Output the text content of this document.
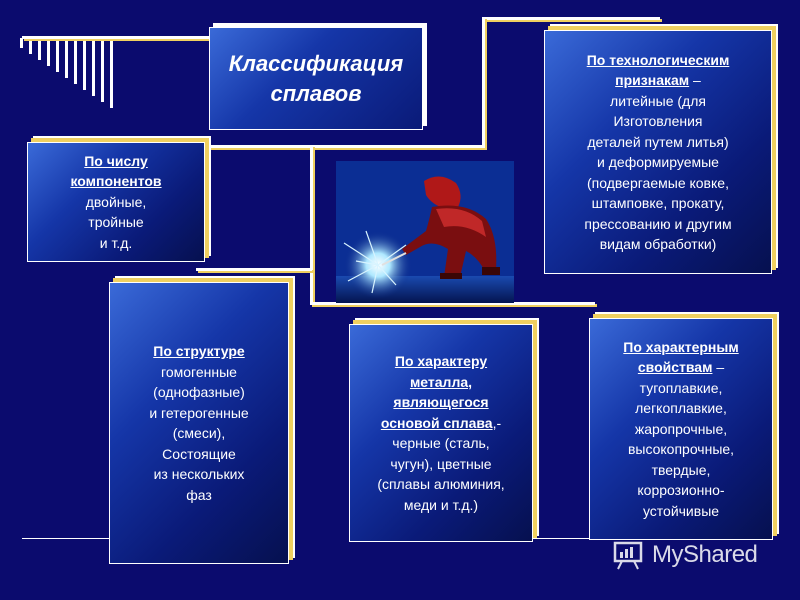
Классификация
сплавов
По числу
компонентов
двойные,
тройные
и т.д.
По технологическим
признакам –
литейные (для
Изготовления
деталей путем литья)
и деформируемые
(подвергаемые ковке,
штамповке, прокату,
прессованию и другим
видам обработки)
По структуре
гомогенные
(однофазные)
и гетерогенные
(смеси),
Состоящие
из нескольких
фаз
По характеру
металла,
являющегося
основой сплава,-
черные (сталь,
чугун), цветные
(сплавы алюминия,
меди и т.д.)
По характерным
свойствам –
тугоплавкие,
легкоплавкие,
жаропрочные,
высокопрочные,
твердые,
коррозионно-
устойчивые
MyShared
